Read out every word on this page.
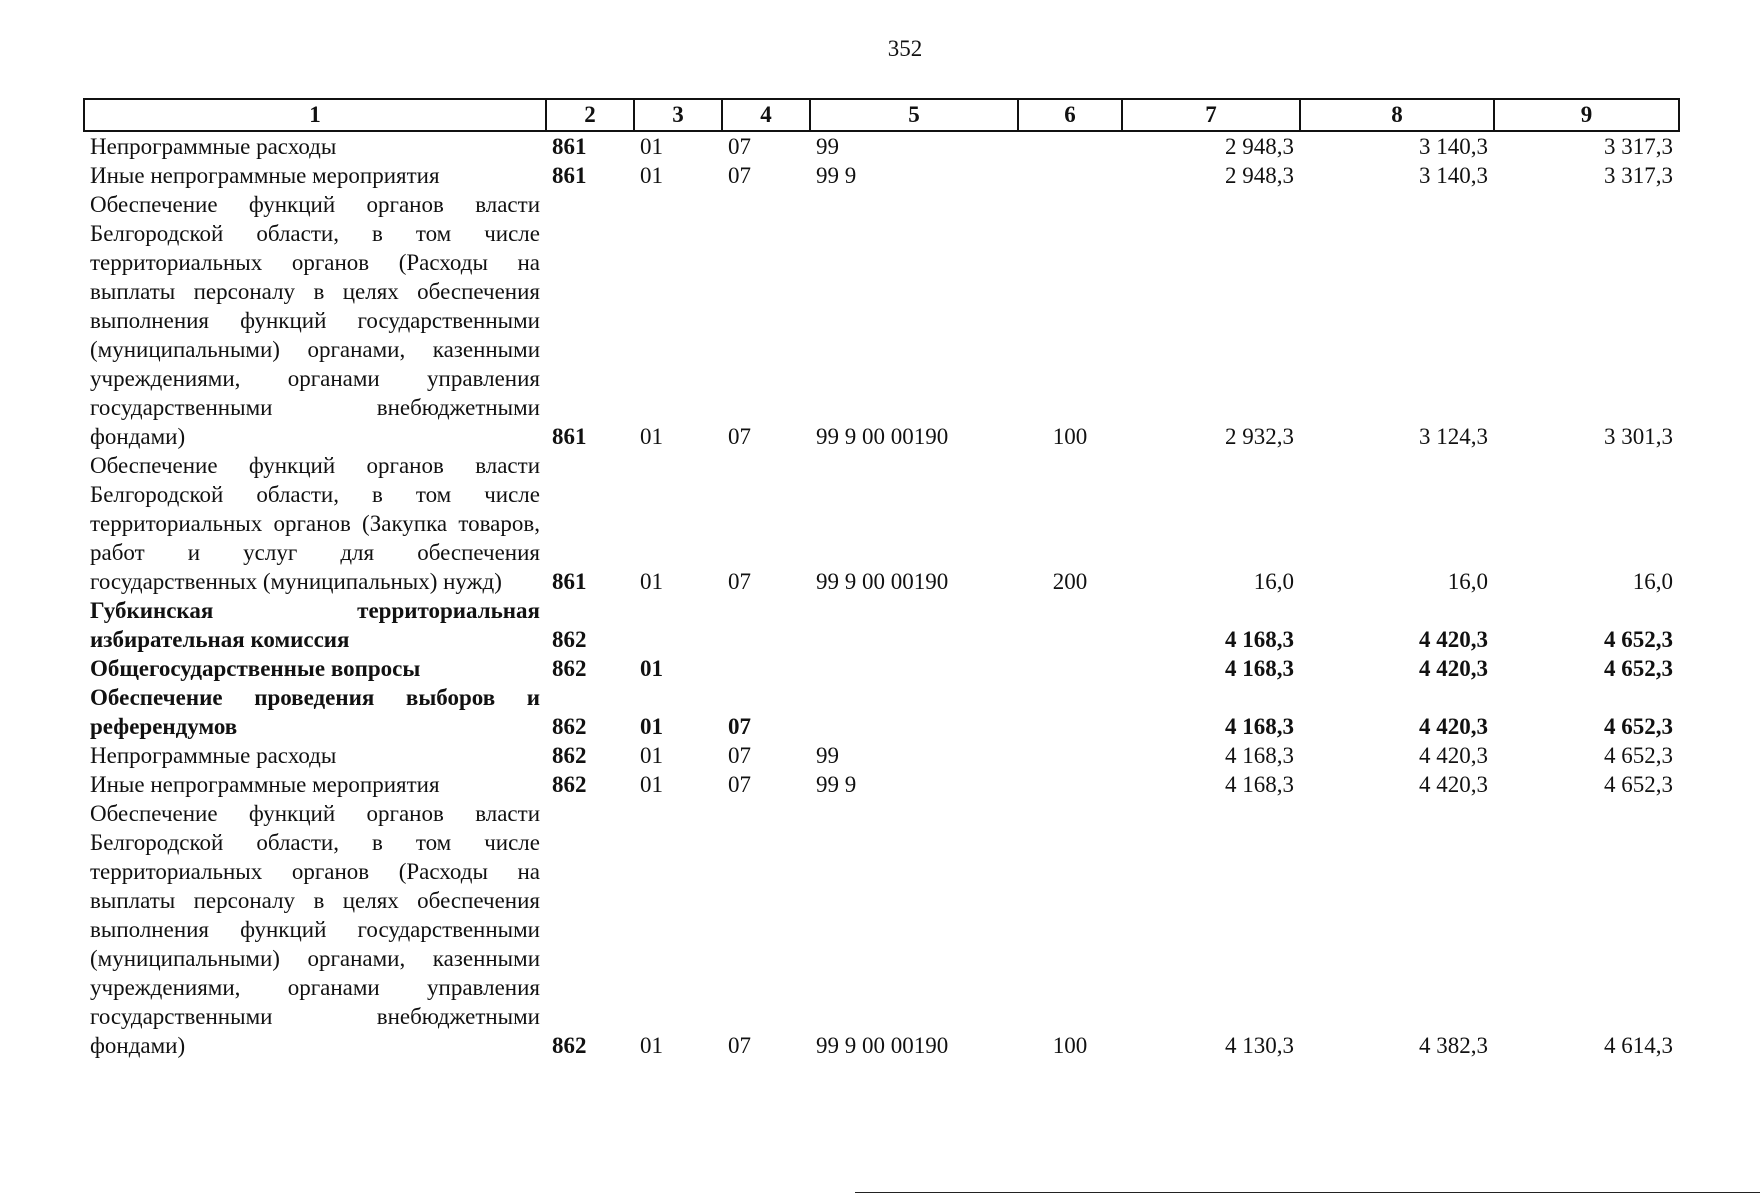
352
1	2	3	4	5	6	7	8	9
Непрограммные расходы	861	01	07	99		2 948,3	3 140,3	3 317,3
Иные непрограммные мероприятия	861	01	07	99 9		2 948,3	3 140,3	3 317,3
Обеспечение функций органов власти Белгородской области, в том числе территориальных органов (Расходы на выплаты персоналу в целях обеспечения выполнения функций государственными (муниципальными) органами, казенными учреждениями, органами управления государственными внебюджетными фондами)	861	01	07	99 9 00 00190	100	2 932,3	3 124,3	3 301,3
Обеспечение функций органов власти Белгородской области, в том числе территориальных органов (Закупка товаров, работ и услуг для обеспечения государственных (муниципальных) нужд)	861	01	07	99 9 00 00190	200	16,0	16,0	16,0
Губкинская территориальная избирательная комиссия	862					4 168,3	4 420,3	4 652,3
Общегосударственные вопросы	862	01				4 168,3	4 420,3	4 652,3
Обеспечение проведения выборов и референдумов	862	01	07			4 168,3	4 420,3	4 652,3
Непрограммные расходы	862	01	07	99		4 168,3	4 420,3	4 652,3
Иные непрограммные мероприятия	862	01	07	99 9		4 168,3	4 420,3	4 652,3
Обеспечение функций органов власти Белгородской области, в том числе территориальных органов (Расходы на выплаты персоналу в целях обеспечения выполнения функций государственными (муниципальными) органами, казенными учреждениями, органами управления государственными внебюджетными фондами)	862	01	07	99 9 00 00190	100	4 130,3	4 382,3	4 614,3
